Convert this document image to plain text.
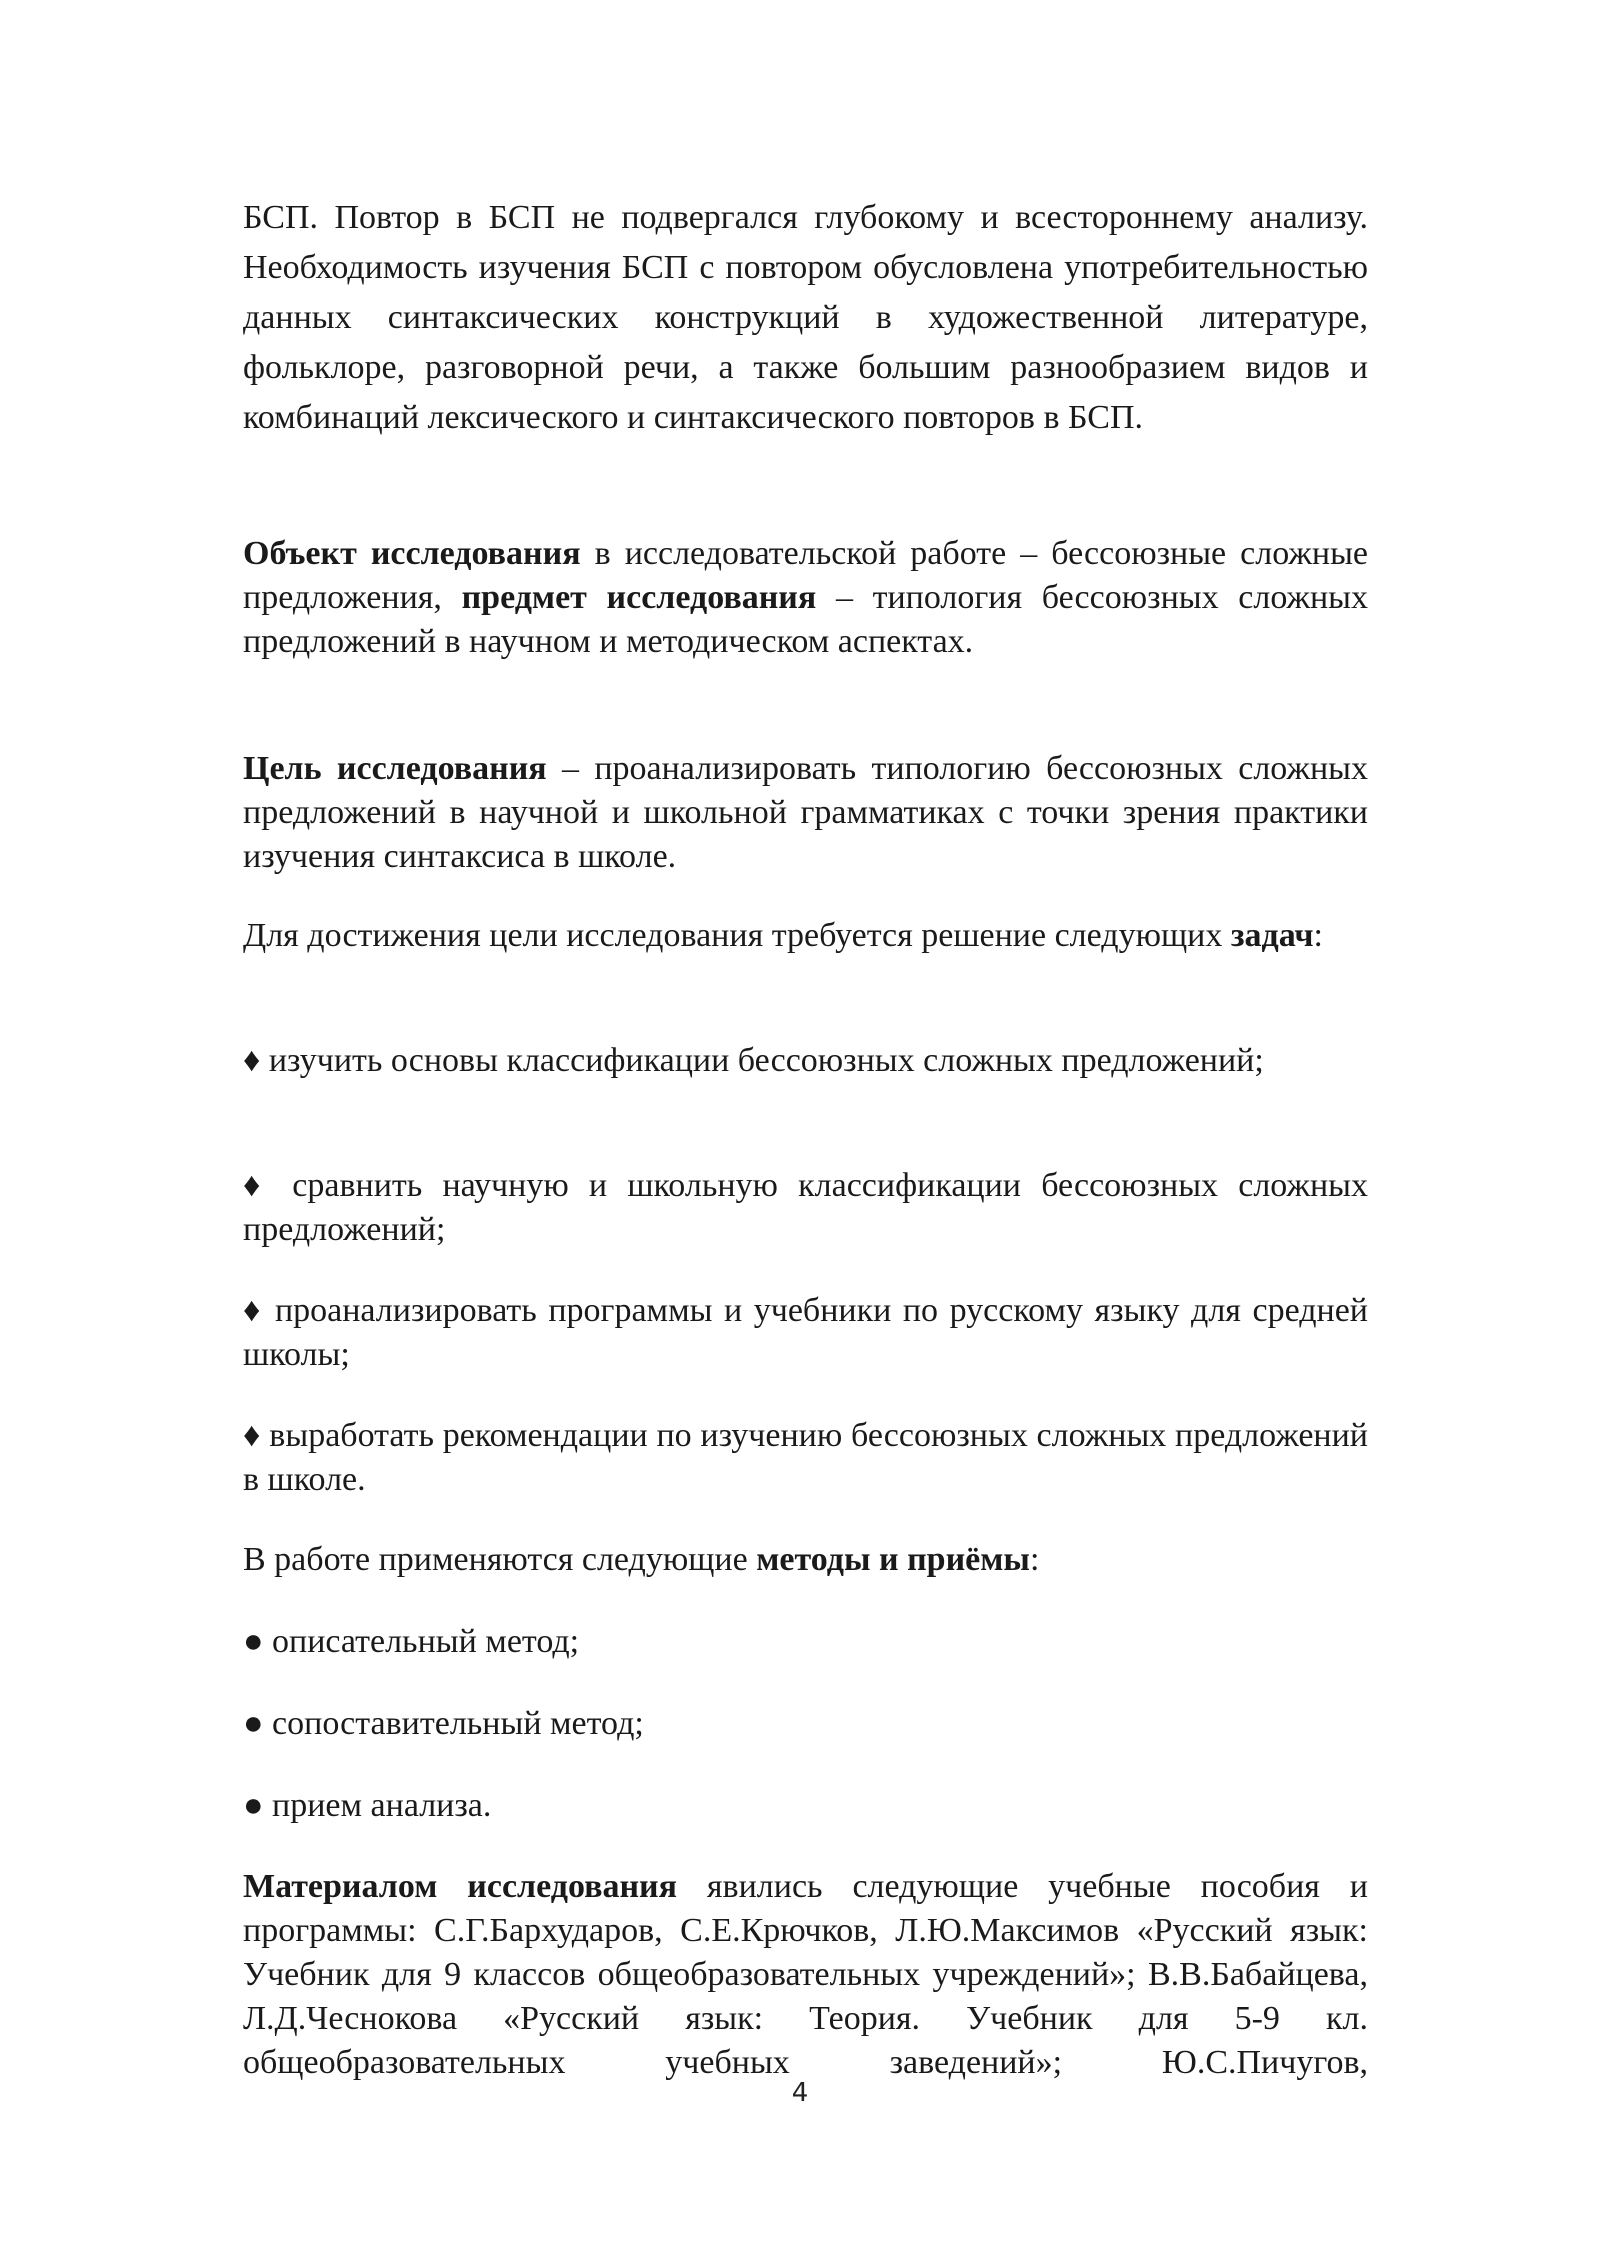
БСП. Повтор в БСП не подвергался глубокому и всестороннему анализу. Необходимость изучения БСП с повтором обусловлена употребительностью данных синтаксических конструкций в художественной литературе, фольклоре, разговорной речи, а также большим разнообразием видов и комбинаций лексического и синтаксического повторов в БСП.

Объект исследования в исследовательской работе – бессоюзные сложные предложения, предмет исследования – типология бессоюзных сложных предложений в научном и методическом аспектах.

Цель исследования – проанализировать типологию бессоюзных сложных предложений в научной и школьной грамматиках с точки зрения практики изучения синтаксиса в школе.

Для достижения цели исследования требуется решение следующих задач:

♦ изучить основы классификации бессоюзных сложных предложений;

♦ сравнить научную и школьную классификации бессоюзных сложных предложений;

♦ проанализировать программы и учебники по русскому языку для средней школы;

♦ выработать рекомендации по изучению бессоюзных сложных предложений в школе.

В работе применяются следующие методы и приёмы:

● описательный метод;

● сопоставительный метод;

● прием анализа.

Материалом исследования явились следующие учебные пособия и программы: С.Г.Бархударов, С.Е.Крючков, Л.Ю.Максимов «Русский язык: Учебник для 9 классов общеобразовательных учреждений»; В.В.Бабайцева, Л.Д.Чеснокова «Русский язык: Теория. Учебник для 5-9 кл. общеобразовательных учебных заведений»; Ю.С.Пичугов,

4
